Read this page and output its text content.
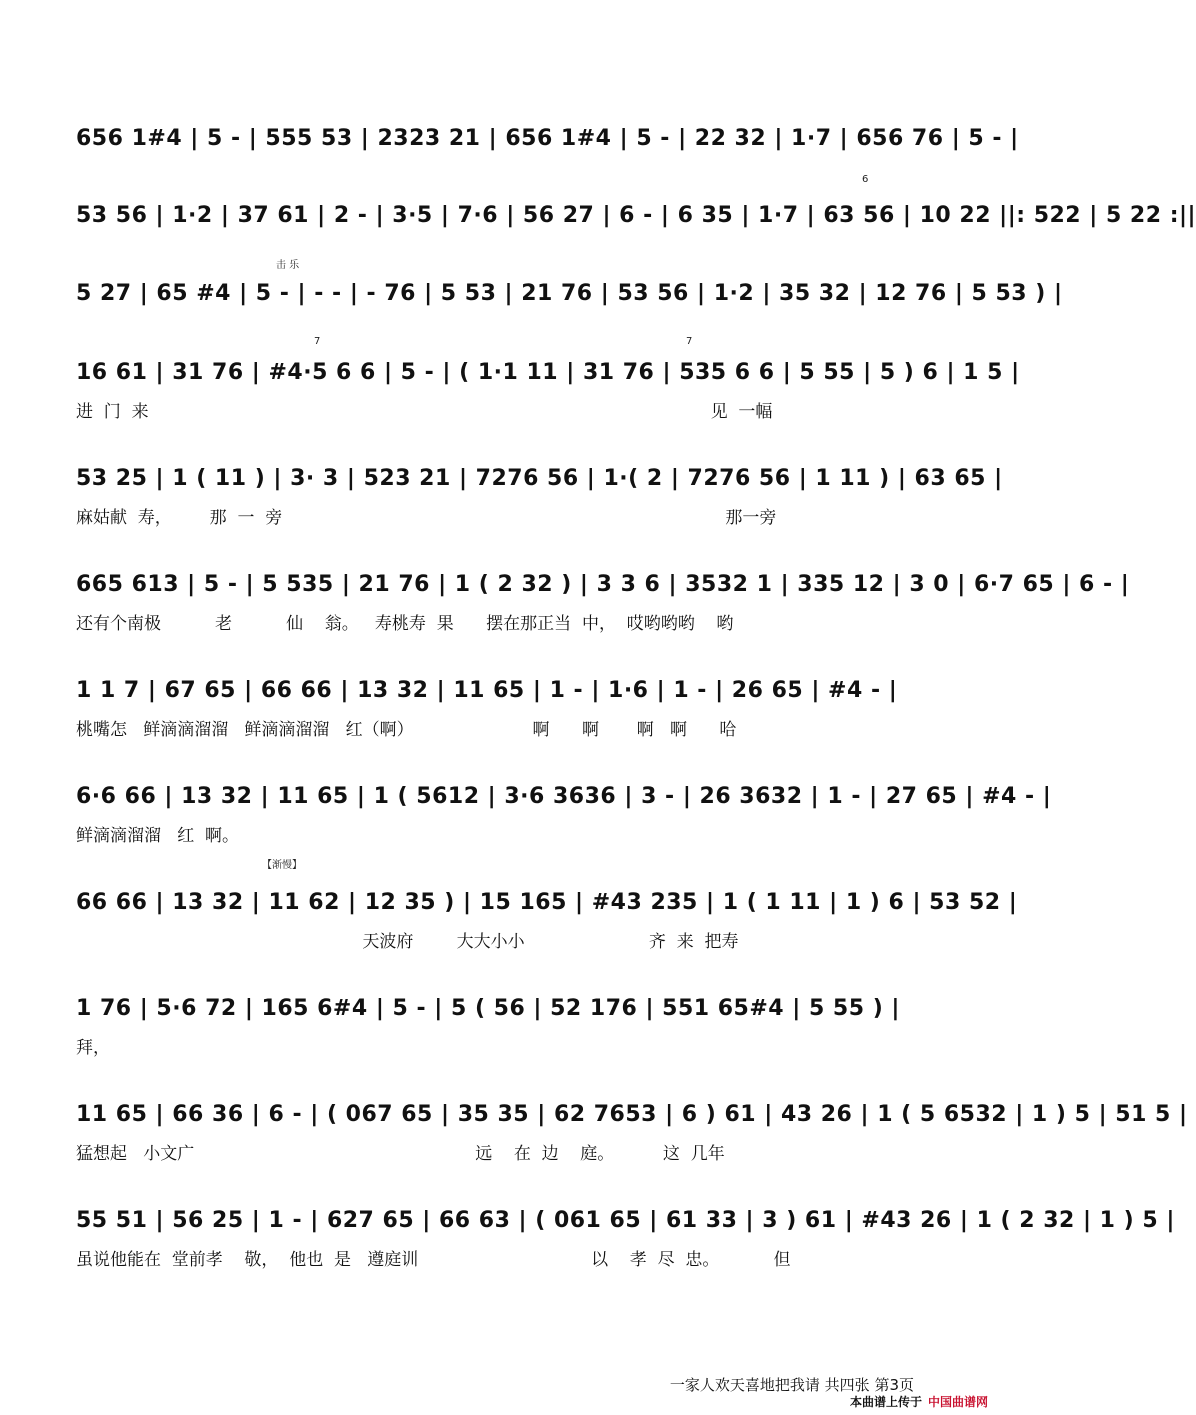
656 1#4 | 5 - | 555 53 | 2323 21 | 656 1#4 | 5 - | 22 32 | 1·7 | 656 76 | 5 - |
53 56 | 1·2 | 37 61 | 2 - | 3·5 | 7·6 | 56 27 | 6 - | 6 35 | 1·7 | 63 56 | 10 22 ||: 522 | 5 22 :||
6
击 乐
5 27 | 65 #4 | 5 - | - - | - 76 | 5 53 | 21 76 | 53 56 | 1·2 | 35 32 | 12 76 | 5 53 ) |
7	7
16 61 | 31 76 | #4·5 6 6 | 5 - | ( 1·1 11 | 31 76 | 535 6 6 | 5 55 | 5 ) 6 | 1 5 |
进  门  来                                                                                                        见  一幅
53 25 | 1 ( 11 ) | 3· 3 | 523 21 | 7276 56 | 1·( 2 | 7276 56 | 1 11 ) | 63 65 |
麻姑献  寿，       那  一  旁                                                                                  那一旁
665 613 | 5 - | 5 535 | 21 76 | 1 ( 2 32 ) | 3 3 6 | 3532 1 | 335 12 | 3 0 | 6·7 65 | 6 - |
还有个南极          老          仙    翁。   寿桃寿  果      摆在那正当  中，  哎哟哟哟    哟
1 1 7 | 67 65 | 66 66 | 13 32 | 11 65 | 1 - | 1·6 | 1 - | 26 65 | #4 - |
桃嘴怎   鲜滴滴溜溜   鲜滴滴溜溜   红（啊）                      啊      啊       啊   啊      哈
6·6 66 | 13 32 | 11 65 | 1 ( 5612 | 3·6 3636 | 3 - | 26 3632 | 1 - | 27 65 | #4 - |
鲜滴滴溜溜   红  啊。
【渐慢】
66 66 | 13 32 | 11 62 | 12 35 ) | 15 165 | #43 235 | 1 ( 1 11 | 1 ) 6 | 53 52 |
天波府        大大小小                       齐  来  把寿
1 76 | 5·6 72 | 165 6#4 | 5 - | 5 ( 56 | 52 176 | 551 65#4 | 5 55 ) |
拜，
11 65 | 66 36 | 6 - | ( 067 65 | 35 35 | 62 7653 | 6 ) 61 | 43 26 | 1 ( 5 6532 | 1 ) 5 | 51 5 |
猛想起   小文广                                                    远    在  边    庭。         这  几年
55 51 | 56 25 | 1 - | 627 65 | 66 63 | ( 061 65 | 61 33 | 3 ) 61 | #43 26 | 1 ( 2 32 | 1 ) 5 |
虽说他能在  堂前孝    敬，  他也  是   遵庭训                                以    孝  尽  忠。          但
一家人欢天喜地把我请 共四张 第3页
本曲谱上传于 中国曲谱网
